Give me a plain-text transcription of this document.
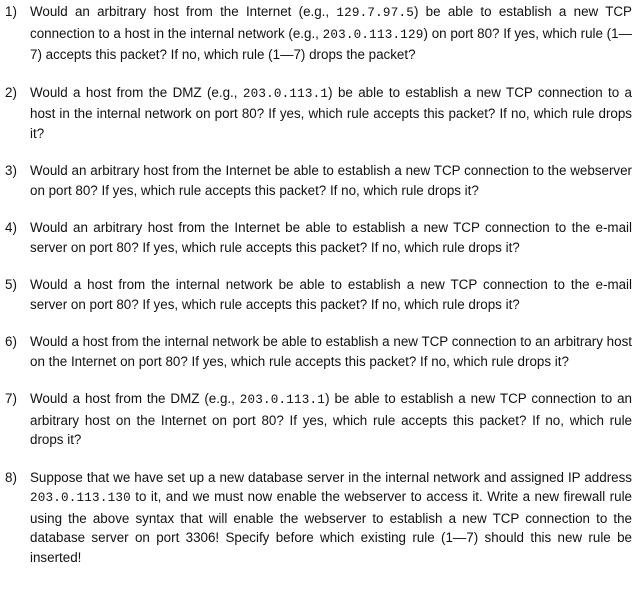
1) Would an arbitrary host from the Internet (e.g., 129.7.97.5) be able to establish a new TCP connection to a host in the internal network (e.g., 203.0.113.129) on port 80? If yes, which rule (1—7) accepts this packet? If no, which rule (1—7) drops the packet?
2) Would a host from the DMZ (e.g., 203.0.113.1) be able to establish a new TCP connection to a host in the internal network on port 80? If yes, which rule accepts this packet? If no, which rule drops it?
3) Would an arbitrary host from the Internet be able to establish a new TCP connection to the webserver on port 80? If yes, which rule accepts this packet? If no, which rule drops it?
4) Would an arbitrary host from the Internet be able to establish a new TCP connection to the e-mail server on port 80? If yes, which rule accepts this packet? If no, which rule drops it?
5) Would a host from the internal network be able to establish a new TCP connection to the e-mail server on port 80? If yes, which rule accepts this packet? If no, which rule drops it?
6) Would a host from the internal network be able to establish a new TCP connection to an arbitrary host on the Internet on port 80? If yes, which rule accepts this packet? If no, which rule drops it?
7) Would a host from the DMZ (e.g., 203.0.113.1) be able to establish a new TCP connection to an arbitrary host on the Internet on port 80? If yes, which rule accepts this packet? If no, which rule drops it?
8) Suppose that we have set up a new database server in the internal network and assigned IP address 203.0.113.130 to it, and we must now enable the webserver to access it. Write a new firewall rule using the above syntax that will enable the webserver to establish a new TCP connection to the database server on port 3306! Specify before which existing rule (1—7) should this new rule be inserted!
